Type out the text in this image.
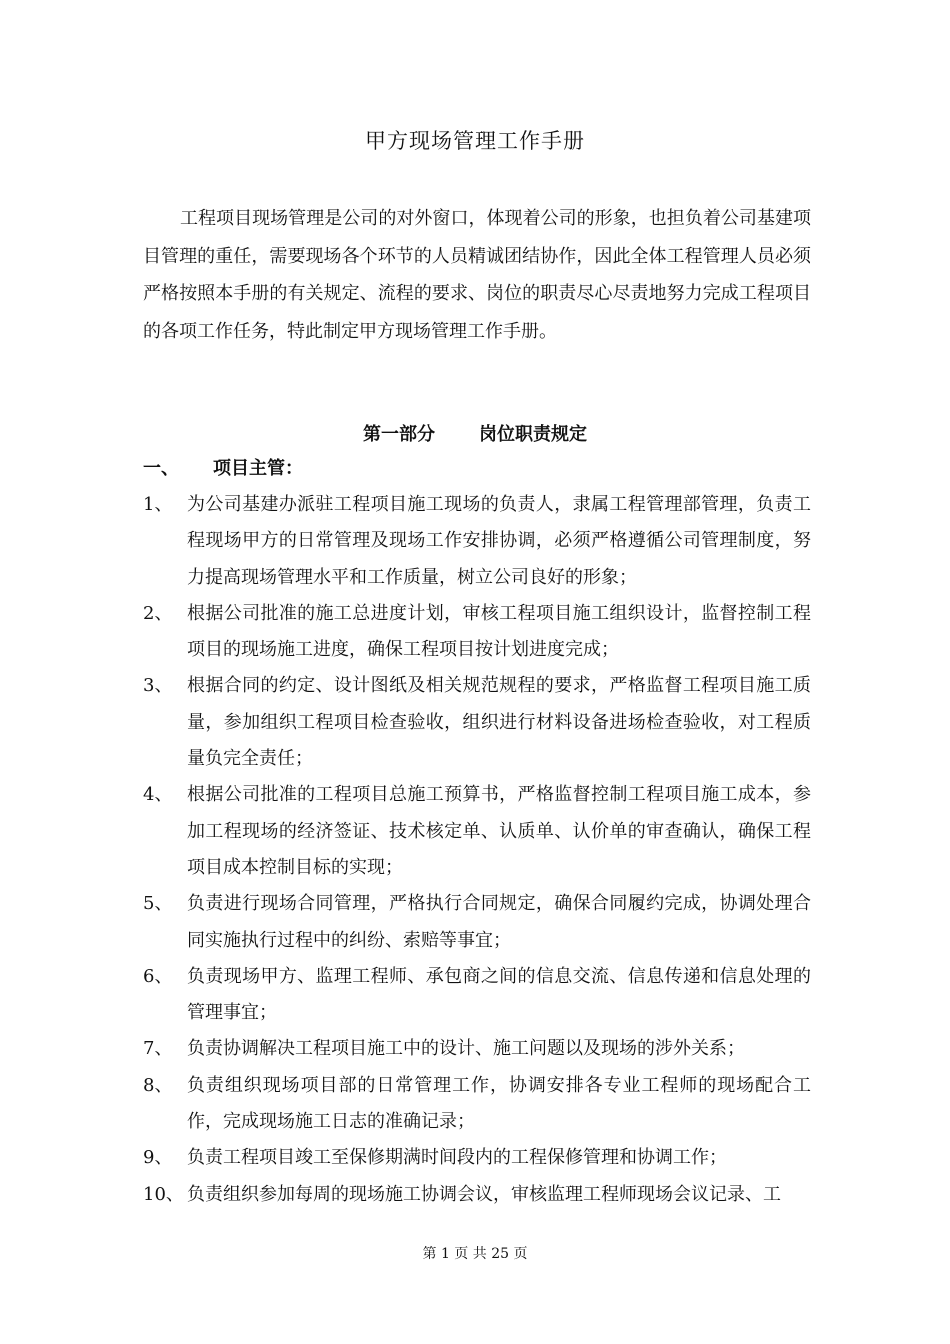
甲方现场管理工作手册

工程项目现场管理是公司的对外窗口，体现着公司的形象，也担负着公司基建项目管理的重任，需要现场各个环节的人员精诚团结协作，因此全体工程管理人员必须严格按照本手册的有关规定、流程的要求、岗位的职责尽心尽责地努力完成工程项目的各项工作任务，特此制定甲方现场管理工作手册。

第一部分 岗位职责规定
一、 项目主管：
1、 为公司基建办派驻工程项目施工现场的负责人，隶属工程管理部管理，负责工程现场甲方的日常管理及现场工作安排协调，必须严格遵循公司管理制度，努力提高现场管理水平和工作质量，树立公司良好的形象；
2、 根据公司批准的施工总进度计划，审核工程项目施工组织设计，监督控制工程项目的现场施工进度，确保工程项目按计划进度完成；
3、 根据合同的约定、设计图纸及相关规范规程的要求，严格监督工程项目施工质量，参加组织工程项目检查验收，组织进行材料设备进场检查验收，对工程质量负完全责任；
4、 根据公司批准的工程项目总施工预算书，严格监督控制工程项目施工成本，参加工程现场的经济签证、技术核定单、认质单、认价单的审查确认，确保工程项目成本控制目标的实现；
5、 负责进行现场合同管理，严格执行合同规定，确保合同履约完成，协调处理合同实施执行过程中的纠纷、索赔等事宜；
6、 负责现场甲方、监理工程师、承包商之间的信息交流、信息传递和信息处理的管理事宜；
7、 负责协调解决工程项目施工中的设计、施工问题以及现场的涉外关系；
8、 负责组织现场项目部的日常管理工作，协调安排各专业工程师的现场配合工作，完成现场施工日志的准确记录；
9、 负责工程项目竣工至保修期满时间段内的工程保修管理和协调工作；
10、 负责组织参加每周的现场施工协调会议，审核监理工程师现场会议记录、工
第 1 页 共 25 页
